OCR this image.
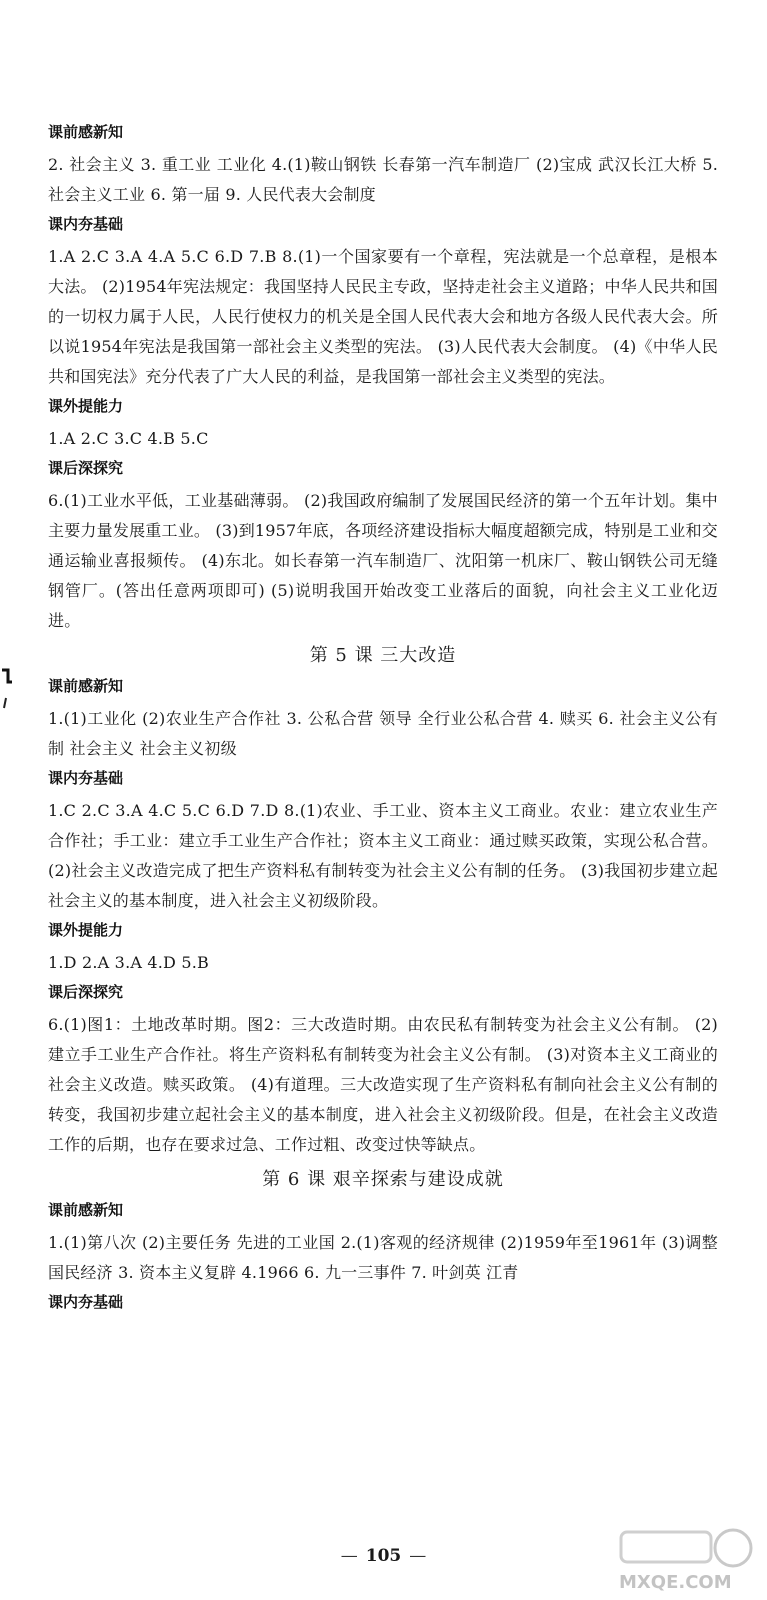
课前感新知
2. 社会主义 3. 重工业 工业化 4.(1)鞍山钢铁 长春第一汽车制造厂 (2)宝成 武汉长江大桥 5. 社会主义工业 6. 第一届 9. 人民代表大会制度
课内夯基础
1.A 2.C 3.A 4.A 5.C 6.D 7.B 8.(1)一个国家要有一个章程，宪法就是一个总章程，是根本大法。 (2)1954年宪法规定：我国坚持人民民主专政，坚持走社会主义道路；中华人民共和国的一切权力属于人民，人民行使权力的机关是全国人民代表大会和地方各级人民代表大会。所以说1954年宪法是我国第一部社会主义类型的宪法。 (3)人民代表大会制度。 (4)《中华人民共和国宪法》充分代表了广大人民的利益，是我国第一部社会主义类型的宪法。
课外提能力
1.A 2.C 3.C 4.B 5.C
课后深探究
6.(1)工业水平低，工业基础薄弱。 (2)我国政府编制了发展国民经济的第一个五年计划。集中主要力量发展重工业。 (3)到1957年底，各项经济建设指标大幅度超额完成，特别是工业和交通运输业喜报频传。 (4)东北。如长春第一汽车制造厂、沈阳第一机床厂、鞍山钢铁公司无缝钢管厂。(答出任意两项即可) (5)说明我国开始改变工业落后的面貌，向社会主义工业化迈进。
第 5 课 三大改造
课前感新知
1.(1)工业化 (2)农业生产合作社 3. 公私合营 领导 全行业公私合营 4. 赎买 6. 社会主义公有制 社会主义 社会主义初级
课内夯基础
1.C 2.C 3.A 4.C 5.C 6.D 7.D 8.(1)农业、手工业、资本主义工商业。农业：建立农业生产合作社；手工业：建立手工业生产合作社；资本主义工商业：通过赎买政策，实现公私合营。 (2)社会主义改造完成了把生产资料私有制转变为社会主义公有制的任务。 (3)我国初步建立起社会主义的基本制度，进入社会主义初级阶段。
课外提能力
1.D 2.A 3.A 4.D 5.B
课后深探究
6.(1)图1：土地改革时期。图2：三大改造时期。由农民私有制转变为社会主义公有制。 (2)建立手工业生产合作社。将生产资料私有制转变为社会主义公有制。 (3)对资本主义工商业的社会主义改造。赎买政策。 (4)有道理。三大改造实现了生产资料私有制向社会主义公有制的转变，我国初步建立起社会主义的基本制度，进入社会主义初级阶段。但是，在社会主义改造工作的后期，也存在要求过急、工作过粗、改变过快等缺点。
第 6 课 艰辛探索与建设成就
课前感新知
1.(1)第八次 (2)主要任务 先进的工业国 2.(1)客观的经济规律 (2)1959年至1961年 (3)调整国民经济 3. 资本主义复辟 4.1966 6. 九一三事件 7. 叶剑英 江青
课内夯基础
— 105 —
MXQE.COM
